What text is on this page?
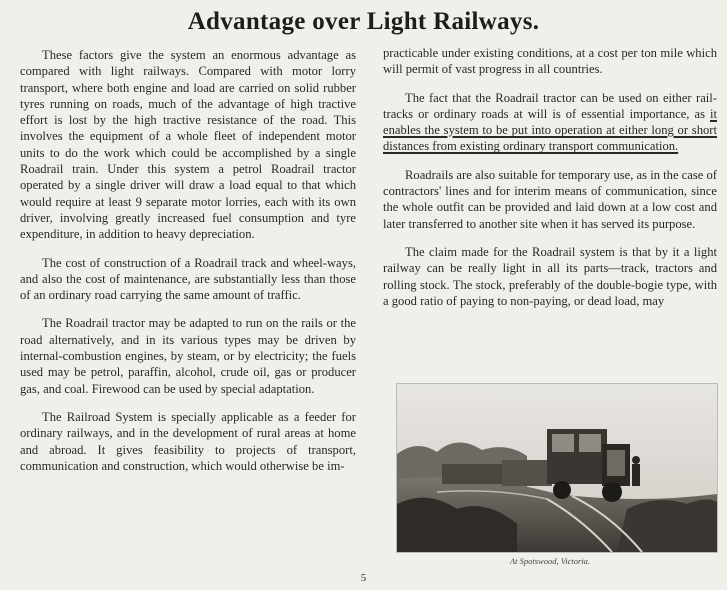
Advantage over Light Railways.

These factors give the system an enormous advantage as compared with light railways. Compared with motor lorry transport, where both engine and load are carried on solid rubber tyres running on roads, much of the advantage of high tractive effort is lost by the high tractive resistance of the road. This involves the equipment of a whole fleet of independent motor units to do the work which could be accomplished by a single Roadrail train. Under this system a petrol Roadrail tractor operated by a single driver will draw a load equal to that which would require at least 9 separate motor lorries, each with its own driver, involving greatly increased fuel consumption and tyre expenditure, in addition to heavy depreciation.

The cost of construction of a Roadrail track and wheel-ways, and also the cost of maintenance, are substantially less than those of an ordinary road carrying the same amount of traffic.

The Roadrail tractor may be adapted to run on the rails or the road alternatively, and in its various types may be driven by internal-combustion engines, by steam, or by electricity; the fuels used may be petrol, paraffin, alcohol, crude oil, gas or producer gas, and coal. Firewood can be used by special adaptation.

The Railroad System is specially applicable as a feeder for ordinary railways, and in the development of rural areas at home and abroad. It gives feasibility to projects of transport, communication and construction, which would otherwise be im-

practicable under existing conditions, at a cost per ton mile which will permit of vast progress in all countries.

The fact that the Roadrail tractor can be used on either rail-tracks or ordinary roads at will is of essential importance, as it enables the system to be put into operation at either long or short distances from existing ordinary transport communication.

Roadrails are also suitable for temporary use, as in the case of contractors' lines and for interim means of communication, since the whole outfit can be provided and laid down at a low cost and later transferred to another site when it has served its purpose.

The claim made for the Roadrail system is that by it a light railway can be really light in all its parts—track, tractors and rolling stock. The stock, preferably of the double-bogie type, with a good ratio of paying to non-paying, or dead load, may

At Spotswood, Victoria.
5
